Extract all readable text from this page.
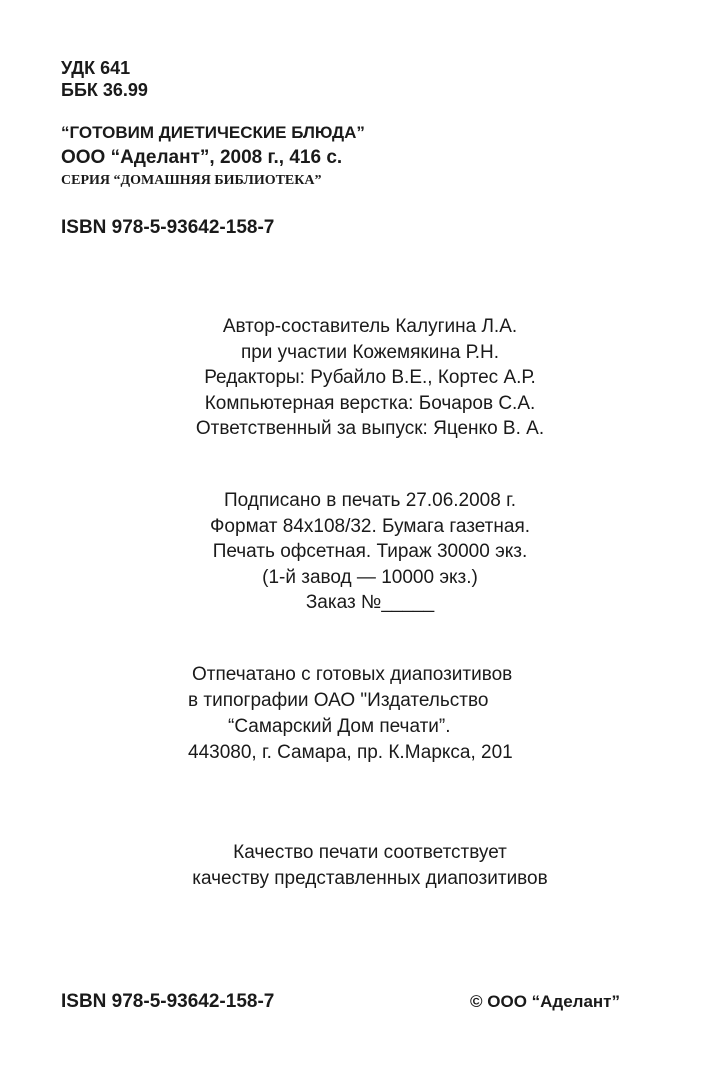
УДК 641
ББК 36.99
“ГОТОВИМ ДИЕТИЧЕСКИЕ БЛЮДА”
ООО “Аделант”, 2008 г., 416 с.
СЕРИЯ “ДОМАШНЯЯ БИБЛИОТЕКА”
ISBN 978-5-93642-158-7
Автор-составитель Калугина Л.А.
при участии Кожемякина Р.Н.
Редакторы: Рубайло В.Е., Кортес А.Р.
Компьютерная верстка: Бочаров С.А.
Ответственный за выпуск: Яценко В. А.
Подписано в печать 27.06.2008 г.
Формат 84x108/32. Бумага газетная.
Печать офсетная. Тираж 30000 экз.
(1-й завод — 10000 экз.)
Заказ №_____
Отпечатано с готовых диапозитивов
в типографии ОАО "Издательство
“Самарский Дом печати”.
443080, г. Самара, пр. К.Маркса, 201
Качество печати соответствует
качеству представленных диапозитивов
ISBN 978-5-93642-158-7	© ООО “Аделант”
